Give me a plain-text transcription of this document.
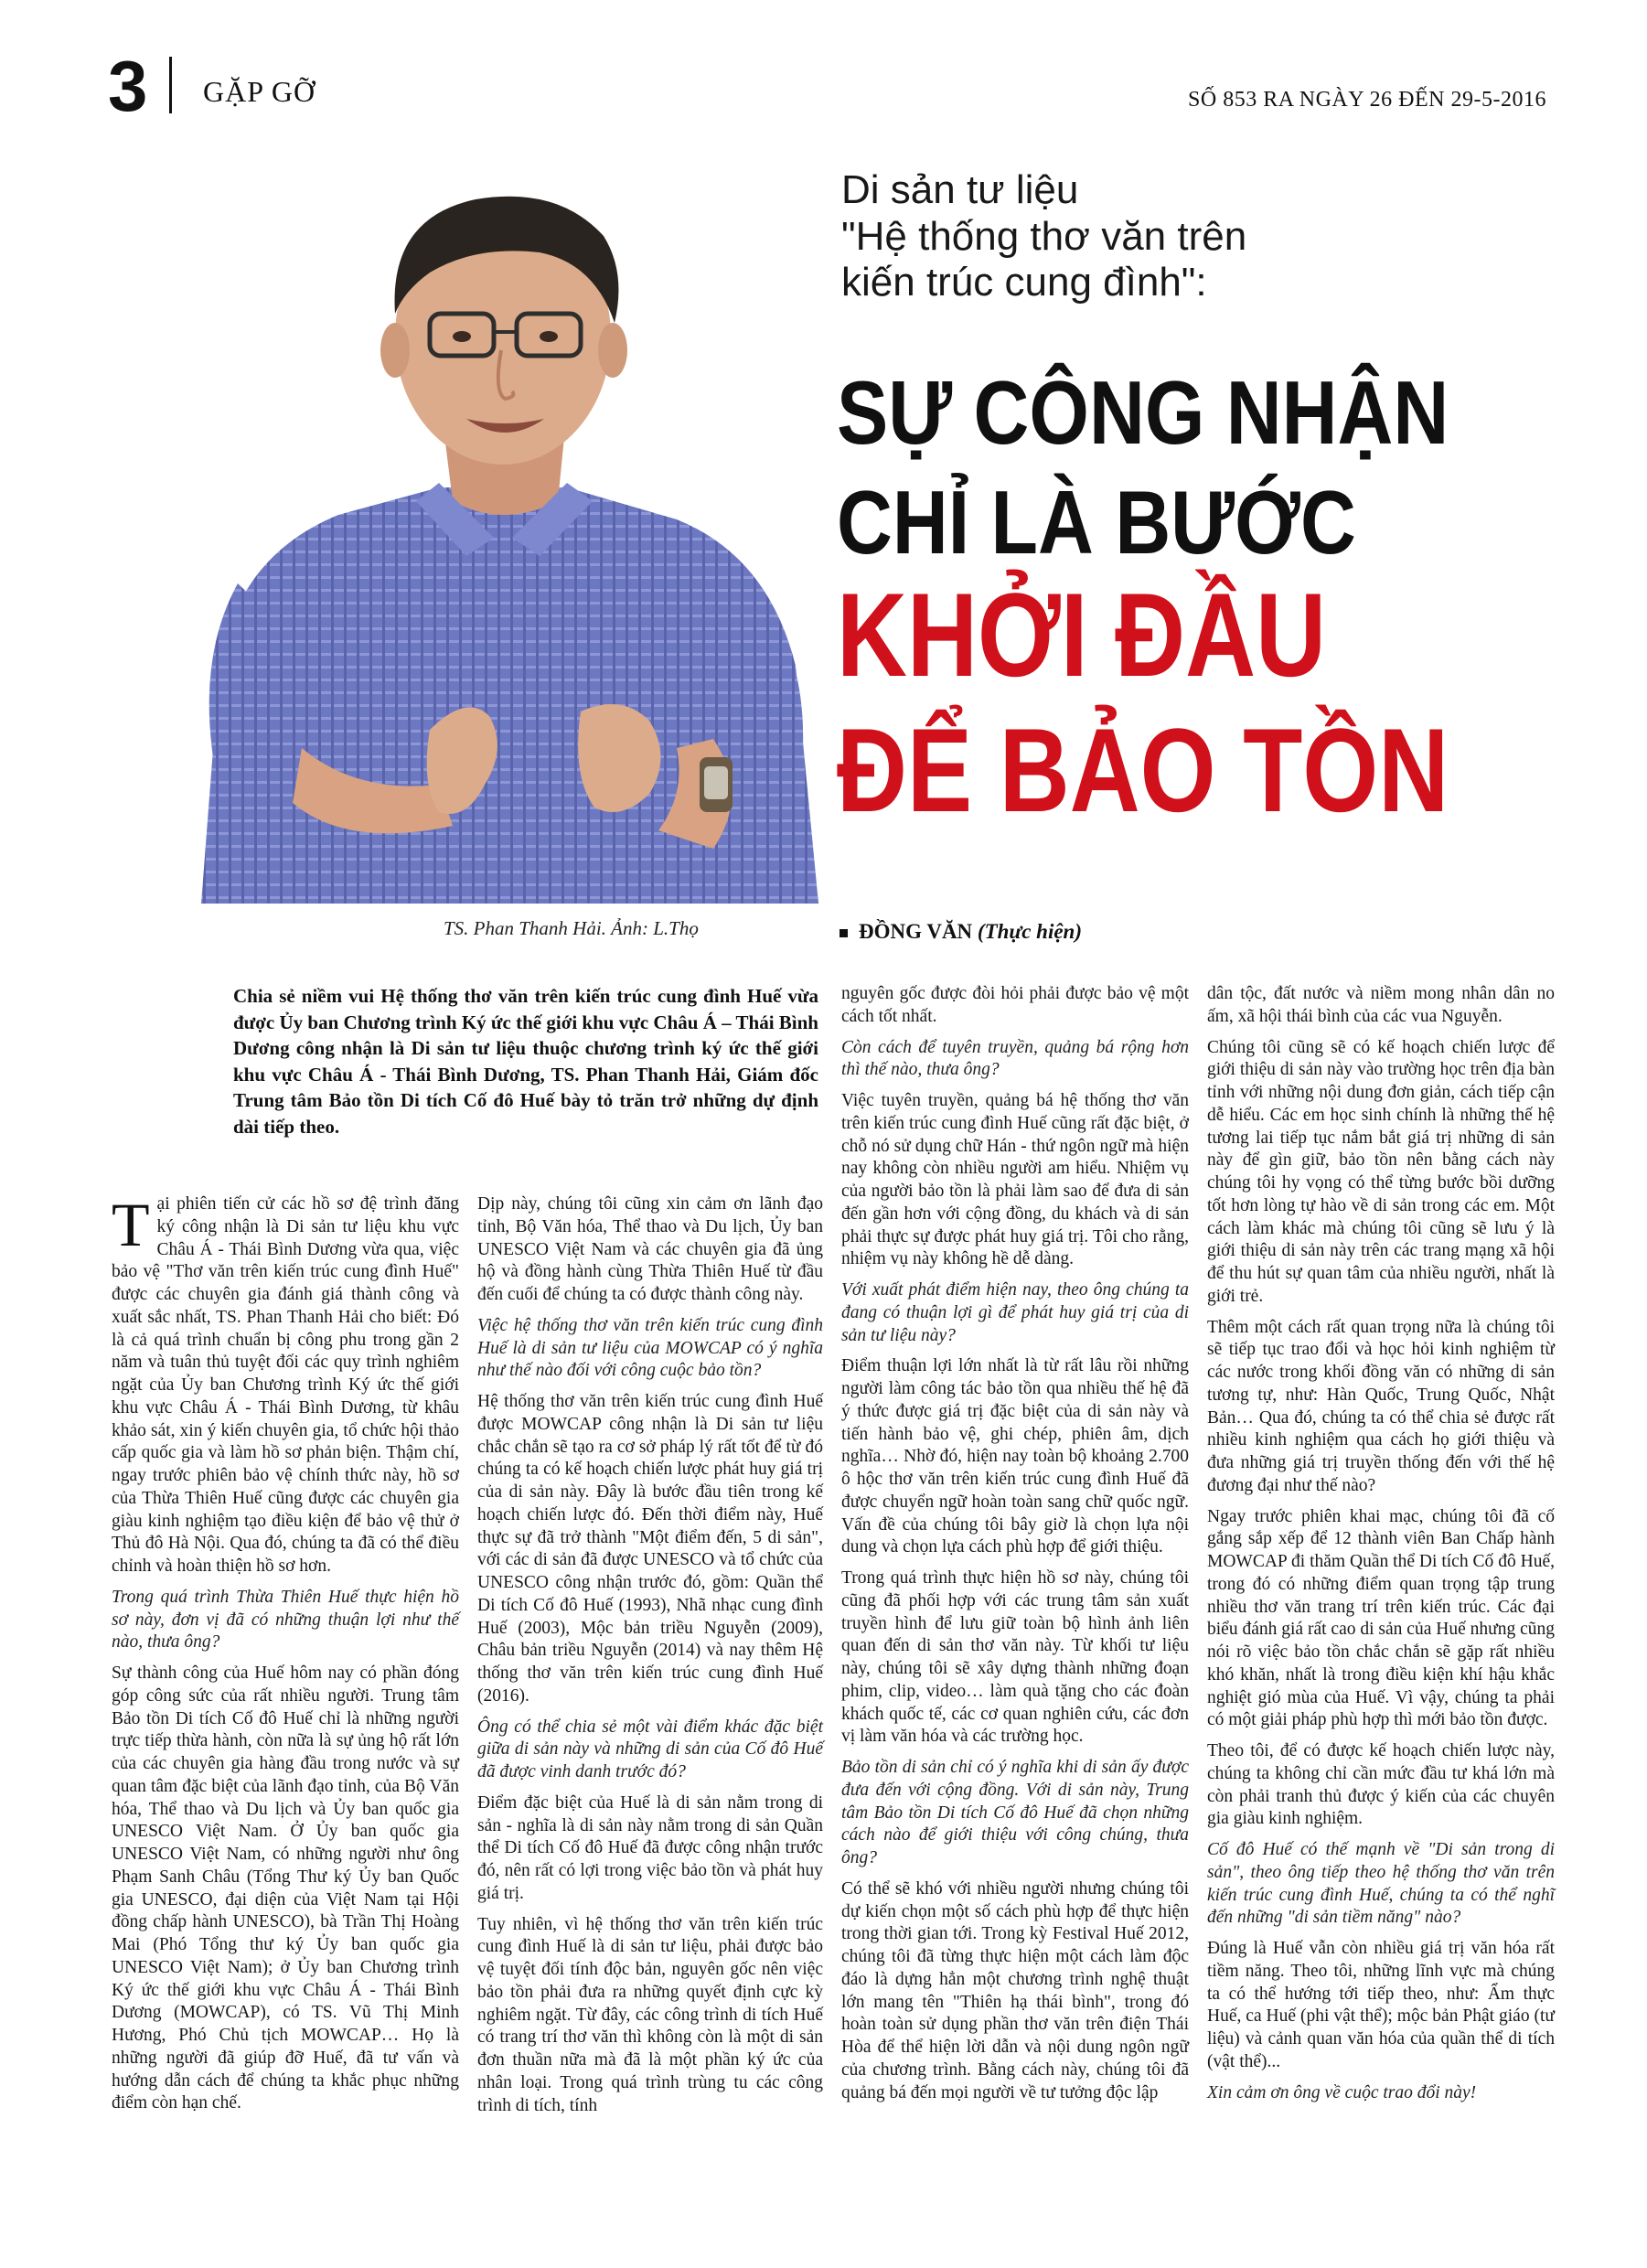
3 GẶP GỠ	SỐ 853 RA NGÀY 26 ĐẾN 29-5-2016
TS. Phan Thanh Hải. Ảnh: L.Thọ
Di sản tư liệu
"Hệ thống thơ văn trên
kiến trúc cung đình":
SỰ CÔNG NHẬN
CHỈ LÀ BƯỚC
KHỞI ĐẦU
ĐỂ BẢO TỒN
ĐỒNG VĂN (Thực hiện)
Chia sẻ niềm vui Hệ thống thơ văn trên kiến trúc cung đình Huế vừa được Ủy ban Chương trình Ký ức thế giới khu vực Châu Á – Thái Bình Dương công nhận là Di sản tư liệu thuộc chương trình ký ức thế giới khu vực Châu Á - Thái Bình Dương, TS. Phan Thanh Hải, Giám đốc Trung tâm Bảo tồn Di tích Cố đô Huế bày tỏ trăn trở những dự định dài tiếp theo.

Tại phiên tiến cử các hồ sơ đệ trình đăng ký công nhận là Di sản tư liệu khu vực Châu Á - Thái Bình Dương vừa qua, việc bảo vệ "Thơ văn trên kiến trúc cung đình Huế" được các chuyên gia đánh giá thành công và xuất sắc nhất, TS. Phan Thanh Hải cho biết: Đó là cả quá trình chuẩn bị công phu trong gần 2 năm và tuân thủ tuyệt đối các quy trình nghiêm ngặt của Ủy ban Chương trình Ký ức thế giới khu vực Châu Á - Thái Bình Dương, từ khâu khảo sát, xin ý kiến chuyên gia, tổ chức hội thảo cấp quốc gia và làm hồ sơ phản biện. Thậm chí, ngay trước phiên bảo vệ chính thức này, hồ sơ của Thừa Thiên Huế cũng được các chuyên gia giàu kinh nghiệm tạo điều kiện để bảo vệ thử ở Thủ đô Hà Nội. Qua đó, chúng ta đã có thể điều chỉnh và hoàn thiện hồ sơ hơn.

Trong quá trình Thừa Thiên Huế thực hiện hồ sơ này, đơn vị đã có những thuận lợi như thế nào, thưa ông?

Sự thành công của Huế hôm nay có phần đóng góp công sức của rất nhiều người. Trung tâm Bảo tồn Di tích Cố đô Huế chỉ là những người trực tiếp thừa hành, còn nữa là sự ủng hộ rất lớn của các chuyên gia hàng đầu trong nước và sự quan tâm đặc biệt của lãnh đạo tỉnh, của Bộ Văn hóa, Thể thao và Du lịch và Ủy ban quốc gia UNESCO Việt Nam. Ở Ủy ban quốc gia UNESCO Việt Nam, có những người như ông Phạm Sanh Châu (Tổng Thư ký Ủy ban Quốc gia UNESCO, đại diện của Việt Nam tại Hội đồng chấp hành UNESCO), bà Trần Thị Hoàng Mai (Phó Tổng thư ký Ủy ban quốc gia UNESCO Việt Nam); ở Ủy ban Chương trình Ký ức thế giới khu vực Châu Á - Thái Bình Dương (MOWCAP), có TS. Vũ Thị Minh Hương, Phó Chủ tịch MOWCAP… Họ là những người đã giúp đỡ Huế, đã tư vấn và hướng dẫn cách để chúng ta khắc phục những điểm còn hạn chế.

Dịp này, chúng tôi cũng xin cảm ơn lãnh đạo tỉnh, Bộ Văn hóa, Thể thao và Du lịch, Ủy ban UNESCO Việt Nam và các chuyên gia đã ủng hộ và đồng hành cùng Thừa Thiên Huế từ đầu đến cuối để chúng ta có được thành công này.

Việc hệ thống thơ văn trên kiến trúc cung đình Huế là di sản tư liệu của MOWCAP có ý nghĩa như thế nào đối với công cuộc bảo tồn?

Hệ thống thơ văn trên kiến trúc cung đình Huế được MOWCAP công nhận là Di sản tư liệu chắc chắn sẽ tạo ra cơ sở pháp lý rất tốt để từ đó chúng ta có kế hoạch chiến lược phát huy giá trị của di sản này. Đây là bước đầu tiên trong kế hoạch chiến lược đó. Đến thời điểm này, Huế thực sự đã trở thành "Một điểm đến, 5 di sản", với các di sản đã được UNESCO và tổ chức của UNESCO công nhận trước đó, gồm: Quần thể Di tích Cố đô Huế (1993), Nhã nhạc cung đình Huế (2003), Mộc bản triều Nguyễn (2009), Châu bản triều Nguyễn (2014) và nay thêm Hệ thống thơ văn trên kiến trúc cung đình Huế (2016).

Ông có thể chia sẻ một vài điểm khác đặc biệt giữa di sản này và những di sản của Cố đô Huế đã được vinh danh trước đó?

Điểm đặc biệt của Huế là di sản nằm trong di sản - nghĩa là di sản này nằm trong di sản Quần thể Di tích Cố đô Huế đã được công nhận trước đó, nên rất có lợi trong việc bảo tồn và phát huy giá trị.

Tuy nhiên, vì hệ thống thơ văn trên kiến trúc cung đình Huế là di sản tư liệu, phải được bảo vệ tuyệt đối tính độc bản, nguyên gốc nên việc bảo tồn phải đưa ra những quyết định cực kỳ nghiêm ngặt. Từ đây, các công trình di tích Huế có trang trí thơ văn thì không còn là một di sản đơn thuần nữa mà đã là một phần ký ức của nhân loại. Trong quá trình trùng tu các công trình di tích, tính

nguyên gốc được đòi hỏi phải được bảo vệ một cách tốt nhất.

Còn cách để tuyên truyền, quảng bá rộng hơn thì thế nào, thưa ông?

Việc tuyên truyền, quảng bá hệ thống thơ văn trên kiến trúc cung đình Huế cũng rất đặc biệt, ở chỗ nó sử dụng chữ Hán - thứ ngôn ngữ mà hiện nay không còn nhiều người am hiểu. Nhiệm vụ của người bảo tồn là phải làm sao để đưa di sản đến gần hơn với cộng đồng, du khách và di sản phải thực sự được phát huy giá trị. Tôi cho rằng, nhiệm vụ này không hề dễ dàng.

Với xuất phát điểm hiện nay, theo ông chúng ta đang có thuận lợi gì để phát huy giá trị của di sản tư liệu này?

Điểm thuận lợi lớn nhất là từ rất lâu rồi những người làm công tác bảo tồn qua nhiều thế hệ đã ý thức được giá trị đặc biệt của di sản này và tiến hành bảo vệ, ghi chép, phiên âm, dịch nghĩa… Nhờ đó, hiện nay toàn bộ khoảng 2.700 ô hộc thơ văn trên kiến trúc cung đình Huế đã được chuyển ngữ hoàn toàn sang chữ quốc ngữ. Vấn đề của chúng tôi bây giờ là chọn lựa nội dung và chọn lựa cách phù hợp để giới thiệu.

Trong quá trình thực hiện hồ sơ này, chúng tôi cũng đã phối hợp với các trung tâm sản xuất truyền hình để lưu giữ toàn bộ hình ảnh liên quan đến di sản thơ văn này. Từ khối tư liệu này, chúng tôi sẽ xây dựng thành những đoạn phim, clip, video… làm quà tặng cho các đoàn khách quốc tế, các cơ quan nghiên cứu, các đơn vị làm văn hóa và các trường học.

Bảo tồn di sản chỉ có ý nghĩa khi di sản ấy được đưa đến với cộng đồng. Với di sản này, Trung tâm Bảo tồn Di tích Cố đô Huế đã chọn những cách nào để giới thiệu với công chúng, thưa ông?

Có thể sẽ khó với nhiều người nhưng chúng tôi dự kiến chọn một số cách phù hợp để thực hiện trong thời gian tới. Trong kỳ Festival Huế 2012, chúng tôi đã từng thực hiện một cách làm độc đáo là dựng hẳn một chương trình nghệ thuật lớn mang tên "Thiên hạ thái bình", trong đó hoàn toàn sử dụng phần thơ văn trên điện Thái Hòa để thể hiện lời dẫn và nội dung ngôn ngữ của chương trình. Bằng cách này, chúng tôi đã quảng bá đến mọi người về tư tưởng độc lập

dân tộc, đất nước và niềm mong nhân dân no ấm, xã hội thái bình của các vua Nguyễn.

Chúng tôi cũng sẽ có kế hoạch chiến lược để giới thiệu di sản này vào trường học trên địa bàn tỉnh với những nội dung đơn giản, cách tiếp cận dễ hiểu. Các em học sinh chính là những thế hệ tương lai tiếp tục nắm bắt giá trị những di sản này để gìn giữ, bảo tồn nên bằng cách này chúng tôi hy vọng có thể từng bước bồi dưỡng tốt hơn lòng tự hào về di sản trong các em. Một cách làm khác mà chúng tôi cũng sẽ lưu ý là giới thiệu di sản này trên các trang mạng xã hội để thu hút sự quan tâm của nhiều người, nhất là giới trẻ.

Thêm một cách rất quan trọng nữa là chúng tôi sẽ tiếp tục trao đổi và học hỏi kinh nghiệm từ các nước trong khối đồng văn có những di sản tương tự, như: Hàn Quốc, Trung Quốc, Nhật Bản… Qua đó, chúng ta có thể chia sẻ được rất nhiều kinh nghiệm qua cách họ giới thiệu và đưa những giá trị truyền thống đến với thế hệ đương đại như thế nào?

Ngay trước phiên khai mạc, chúng tôi đã cố gắng sắp xếp để 12 thành viên Ban Chấp hành MOWCAP đi thăm Quần thể Di tích Cố đô Huế, trong đó có những điểm quan trọng tập trung nhiều thơ văn trang trí trên kiến trúc. Các đại biểu đánh giá rất cao di sản của Huế nhưng cũng nói rõ việc bảo tồn chắc chắn sẽ gặp rất nhiều khó khăn, nhất là trong điều kiện khí hậu khắc nghiệt gió mùa của Huế. Vì vậy, chúng ta phải có một giải pháp phù hợp thì mới bảo tồn được.

Theo tôi, để có được kế hoạch chiến lược này, chúng ta không chỉ cần mức đầu tư khá lớn mà còn phải tranh thủ được ý kiến của các chuyên gia giàu kinh nghiệm.

Cố đô Huế có thế mạnh về "Di sản trong di sản", theo ông tiếp theo hệ thống thơ văn trên kiến trúc cung đình Huế, chúng ta có thể nghĩ đến những "di sản tiềm năng" nào?

Đúng là Huế vẫn còn nhiều giá trị văn hóa rất tiềm năng. Theo tôi, những lĩnh vực mà chúng ta có thể hướng tới tiếp theo, như: Ẩm thực Huế, ca Huế (phi vật thể); mộc bản Phật giáo (tư liệu) và cảnh quan văn hóa của quần thể di tích (vật thể)...

Xin cảm ơn ông về cuộc trao đổi này!
